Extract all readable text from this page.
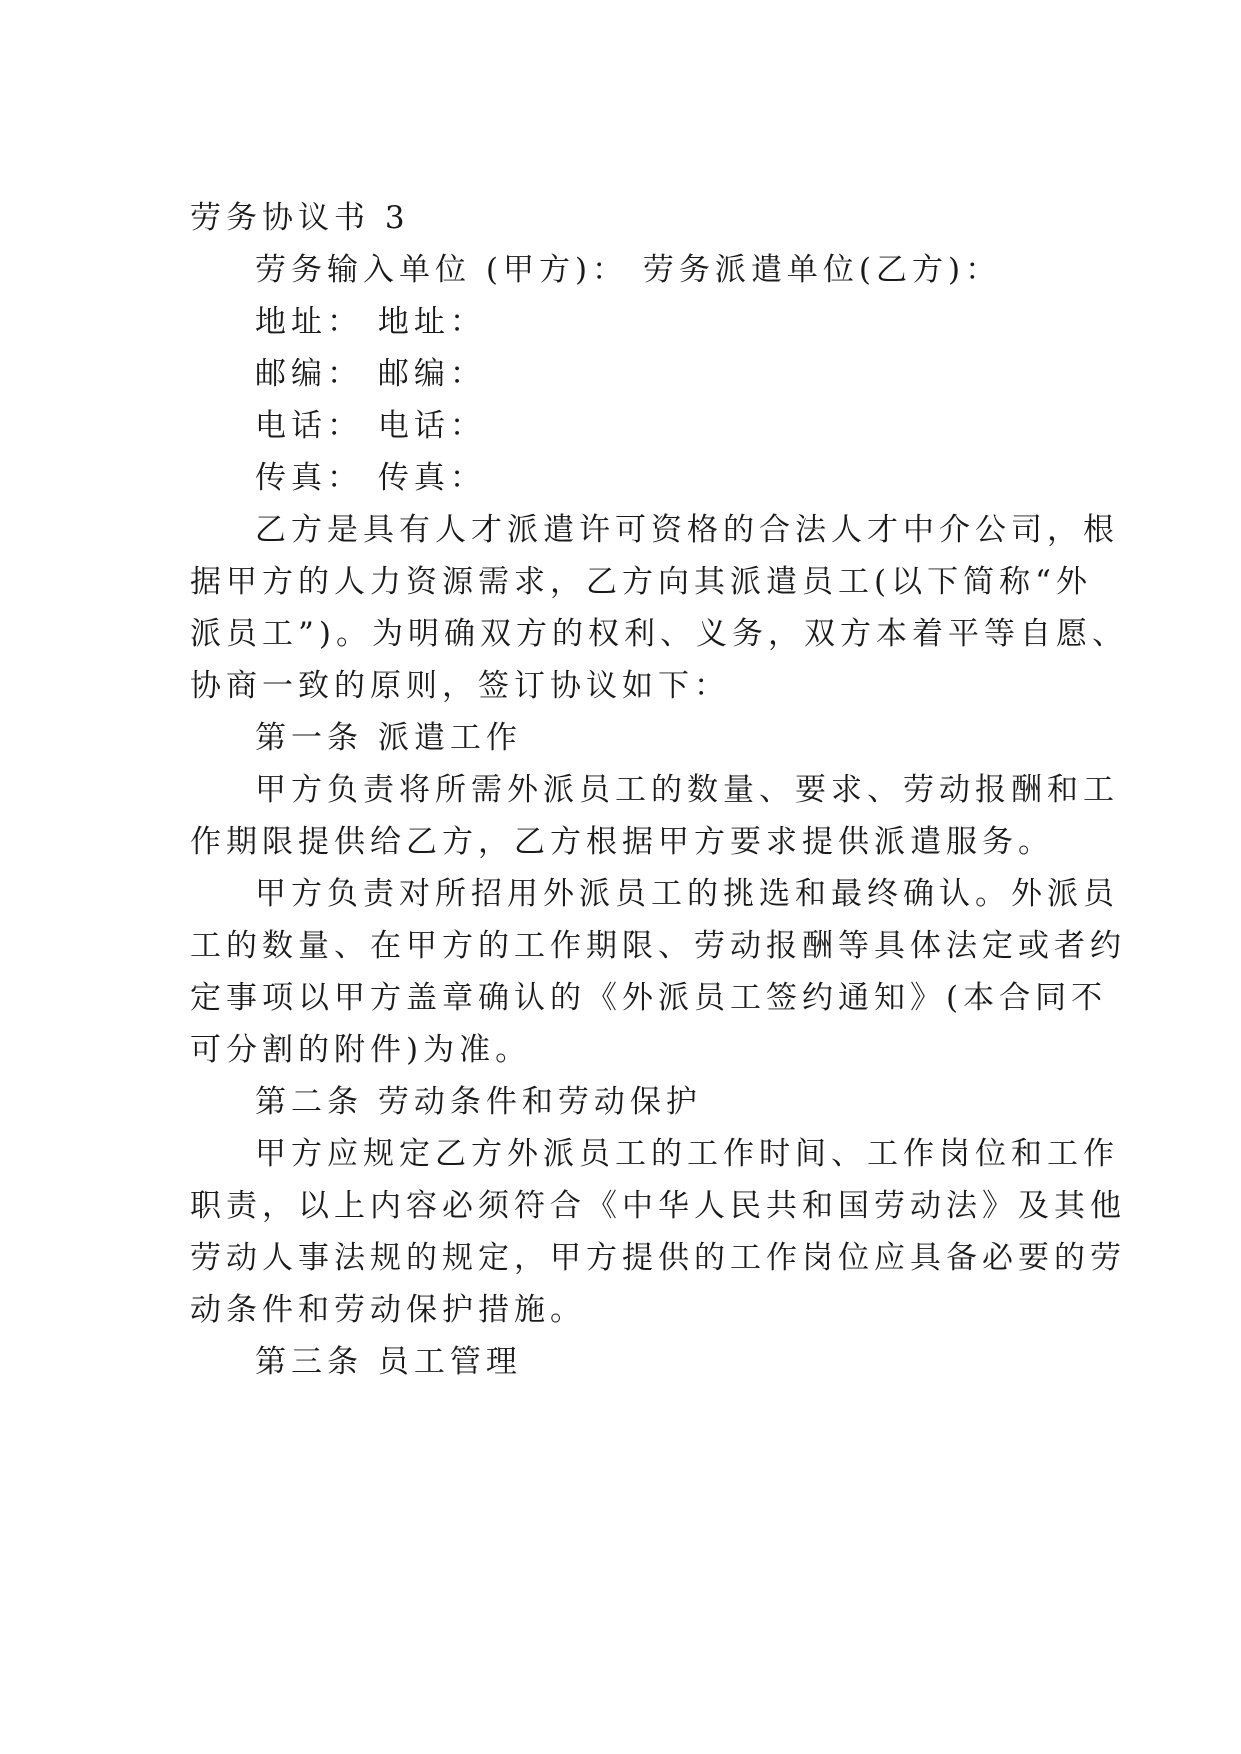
劳务协议书 3
劳务输入单位 (甲方)： 劳务派遣单位(乙方)：
地址： 地址：
邮编： 邮编：
电话： 电话：
传真： 传真：
乙方是具有人才派遣许可资格的合法人才中介公司，根
据甲方的人力资源需求，乙方向其派遣员工(以下简称“外
派员工”)。为明确双方的权利、义务，双方本着平等自愿、
协商一致的原则，签订协议如下：
第一条 派遣工作
甲方负责将所需外派员工的数量、要求、劳动报酬和工
作期限提供给乙方，乙方根据甲方要求提供派遣服务。
甲方负责对所招用外派员工的挑选和最终确认。外派员
工的数量、在甲方的工作期限、劳动报酬等具体法定或者约
定事项以甲方盖章确认的《外派员工签约通知》(本合同不
可分割的附件)为准。
第二条 劳动条件和劳动保护
甲方应规定乙方外派员工的工作时间、工作岗位和工作
职责，以上内容必须符合《中华人民共和国劳动法》及其他
劳动人事法规的规定，甲方提供的工作岗位应具备必要的劳
动条件和劳动保护措施。
第三条 员工管理
